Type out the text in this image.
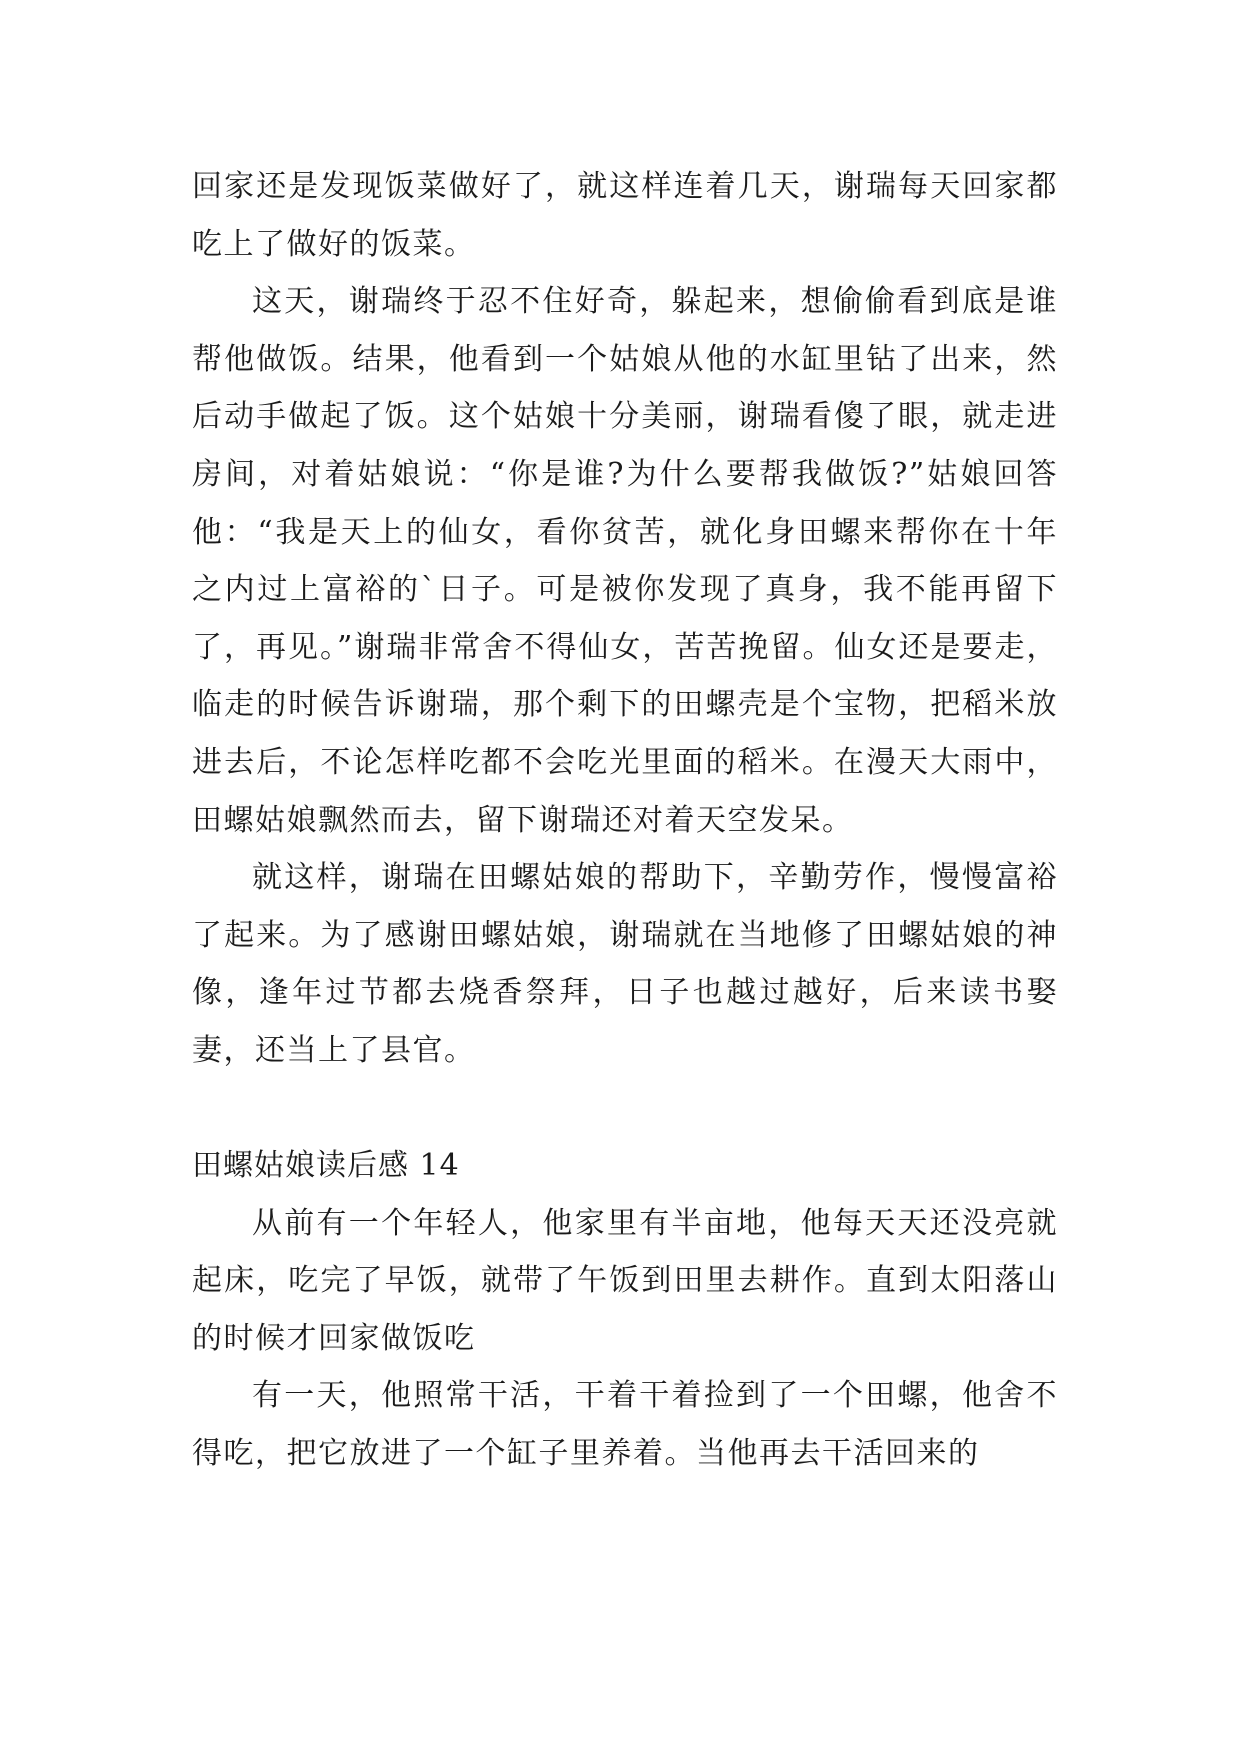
回家还是发现饭菜做好了，就这样连着几天，谢瑞每天回家都吃上了做好的饭菜。

这天，谢瑞终于忍不住好奇，躲起来，想偷偷看到底是谁帮他做饭。结果，他看到一个姑娘从他的水缸里钻了出来，然后动手做起了饭。这个姑娘十分美丽，谢瑞看傻了眼，就走进房间，对着姑娘说：“你是谁?为什么要帮我做饭?”姑娘回答他：“我是天上的仙女，看你贫苦，就化身田螺来帮你在十年之内过上富裕的`日子。可是被你发现了真身，我不能再留下了，再见。”谢瑞非常舍不得仙女，苦苦挽留。仙女还是要走，临走的时候告诉谢瑞，那个剩下的田螺壳是个宝物，把稻米放进去后，不论怎样吃都不会吃光里面的稻米。在漫天大雨中，田螺姑娘飘然而去，留下谢瑞还对着天空发呆。

就这样，谢瑞在田螺姑娘的帮助下，辛勤劳作，慢慢富裕了起来。为了感谢田螺姑娘，谢瑞就在当地修了田螺姑娘的神像，逢年过节都去烧香祭拜，日子也越过越好，后来读书娶妻，还当上了县官。

田螺姑娘读后感 14

从前有一个年轻人，他家里有半亩地，他每天天还没亮就起床，吃完了早饭，就带了午饭到田里去耕作。直到太阳落山的时候才回家做饭吃

有一天，他照常干活，干着干着捡到了一个田螺，他舍不得吃，把它放进了一个缸子里养着。当他再去干活回来的
